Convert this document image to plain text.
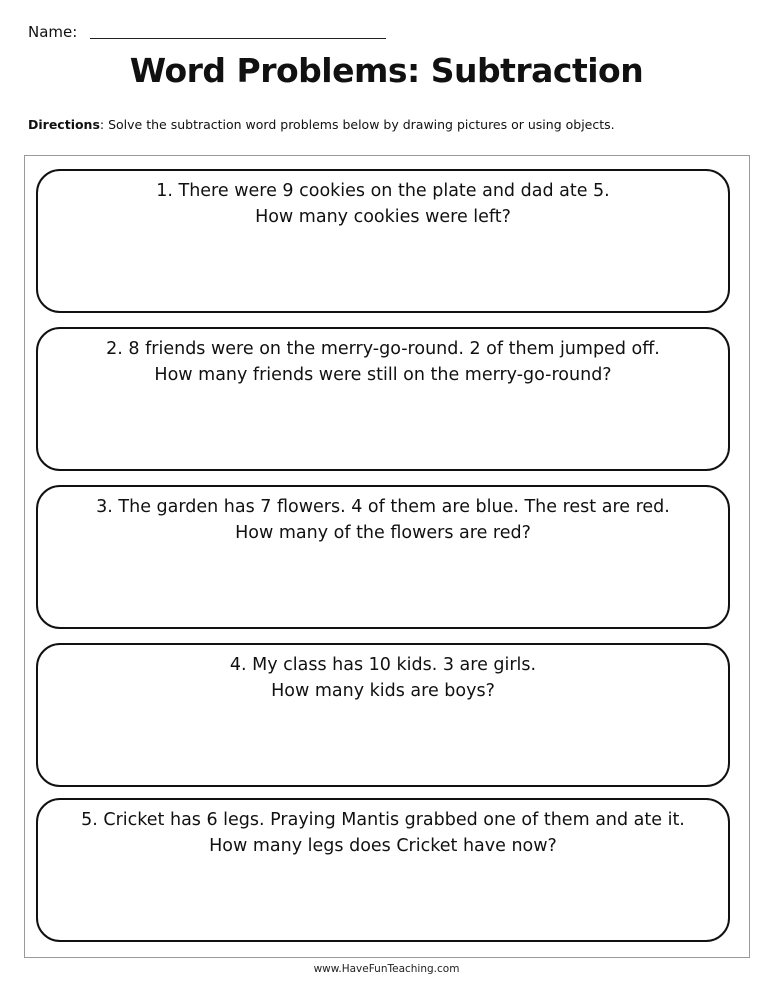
Name:
Word Problems: Subtraction
Directions: Solve the subtraction word problems below by drawing pictures or using objects.
1. There were 9 cookies on the plate and dad ate 5.
How many cookies were left?
2. 8 friends were on the merry-go-round. 2 of them jumped off.
How many friends were still on the merry-go-round?
3. The garden has 7 flowers. 4 of them are blue. The rest are red.
How many of the flowers are red?
4. My class has 10 kids. 3 are girls.
How many kids are boys?
5. Cricket has 6 legs. Praying Mantis grabbed one of them and ate it.
How many legs does Cricket have now?
www.HaveFunTeaching.com
